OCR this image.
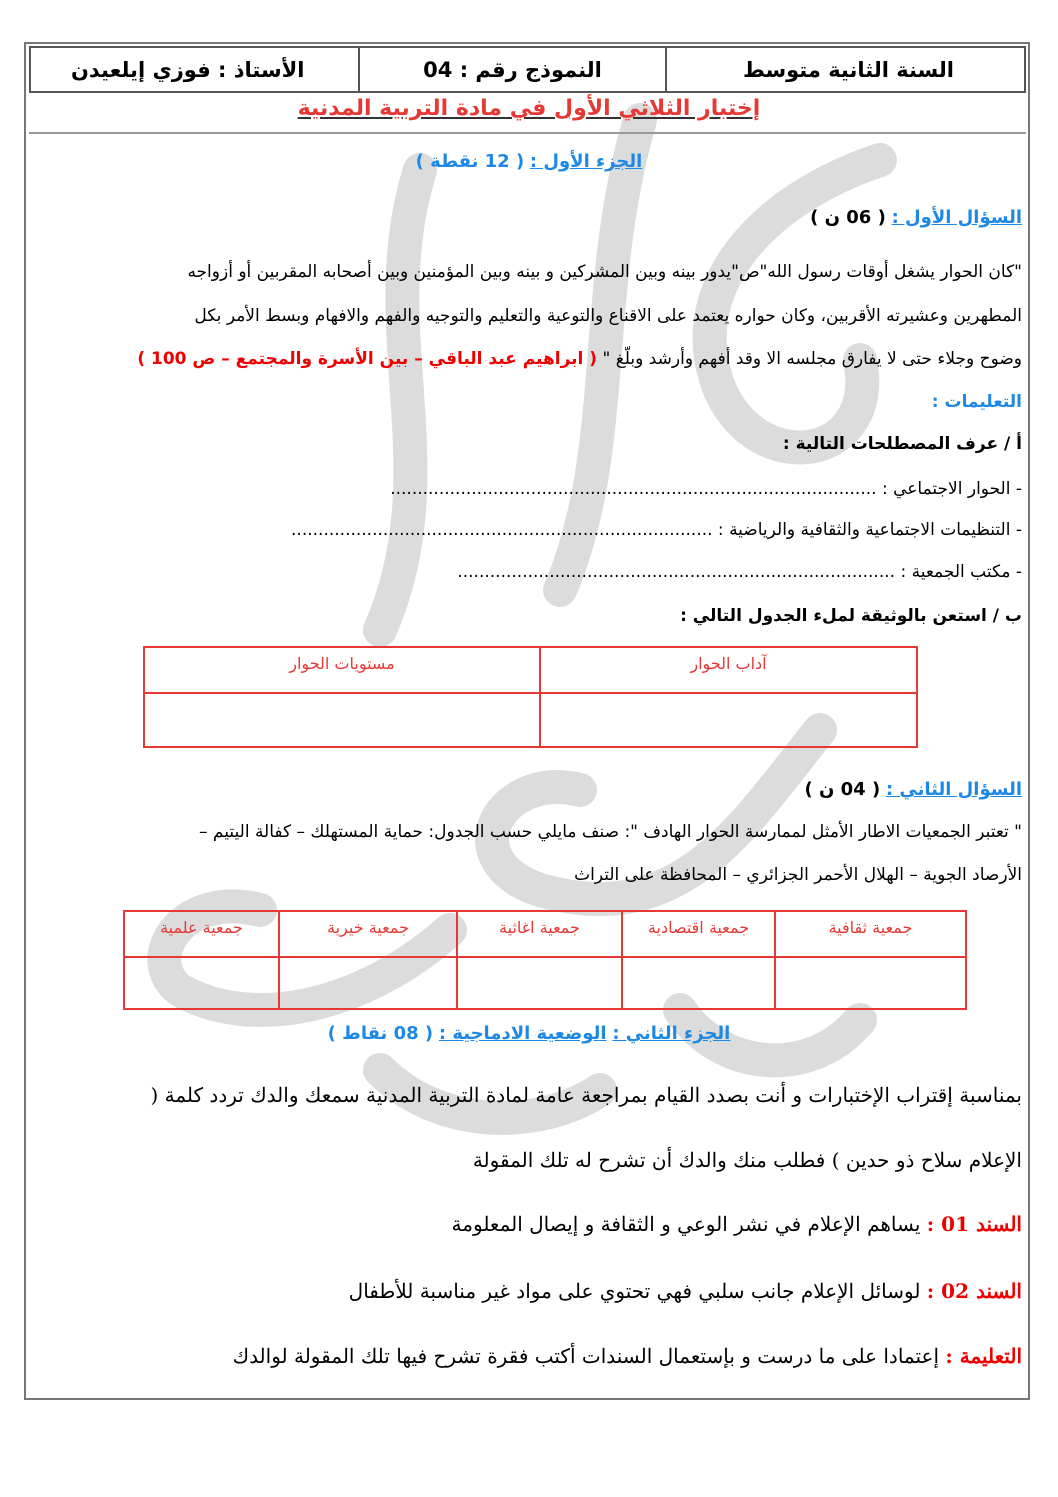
السنة الثانية متوسط
النموذج رقم : 04
الأستاذ : فوزي إيلعيدن
إختبار الثلاثي الأول في مادة التربية المدنية
الجزء الأول : ( 12 نقطة )
السؤال الأول : ( 06 ن )
"كان الحوار يشغل أوقات رسول الله"ص"يدور بينه وبين المشركين و بينه وبين المؤمنين وبين أصحابه المقربين أو أزواجه
المطهرين وعشيرته الأقربين، وكان حواره يعتمد على الاقناع والتوعية والتعليم والتوجيه والفهم والافهام وبسط الأمر بكل
وضوح وجلاء حتى لا يفارق مجلسه الا وقد أفهم وأرشد وبلّغ " ( ابراهيم عبد الباقي – بين الأسرة والمجتمع – ص 100 )
التعليمات :
أ / عرف المصطلحات التالية :
- الحوار الاجتماعي : ..........................................................................................
- التنظيمات الاجتماعية والثقافية والرياضية : ..............................................................................
- مكتب الجمعية : .................................................................................
ب / استعن بالوثيقة لملء الجدول التالي :
آداب الحوار	مستويات الحوار

السؤال الثاني : ( 04 ن )
" تعتبر الجمعيات الاطار الأمثل لممارسة الحوار الهادف ": صنف مايلي حسب الجدول: حماية المستهلك – كفالة اليتيم –
الأرصاد الجوية – الهلال الأحمر الجزائري – المحافظة على التراث
جمعية ثقافية	جمعية اقتصادية	جمعية اغاثية	جمعية خيرية	جمعية علمية

الجزء الثاني : الوضعية الادماجية : ( 08 نقاط )
بمناسبة إقتراب الإختبارات و أنت بصدد القيام بمراجعة عامة لمادة التربية المدنية سمعك والدك تردد كلمة (
الإعلام سلاح ذو حدين ) فطلب منك والدك أن تشرح له تلك المقولة
السند 01 : يساهم الإعلام في نشر الوعي و الثقافة و إيصال المعلومة
السند 02 : لوسائل الإعلام جانب سلبي فهي تحتوي على مواد غير مناسبة للأطفال
التعليمة : إعتمادا على ما درست و بإستعمال السندات أكتب فقرة تشرح فيها تلك المقولة لوالدك
